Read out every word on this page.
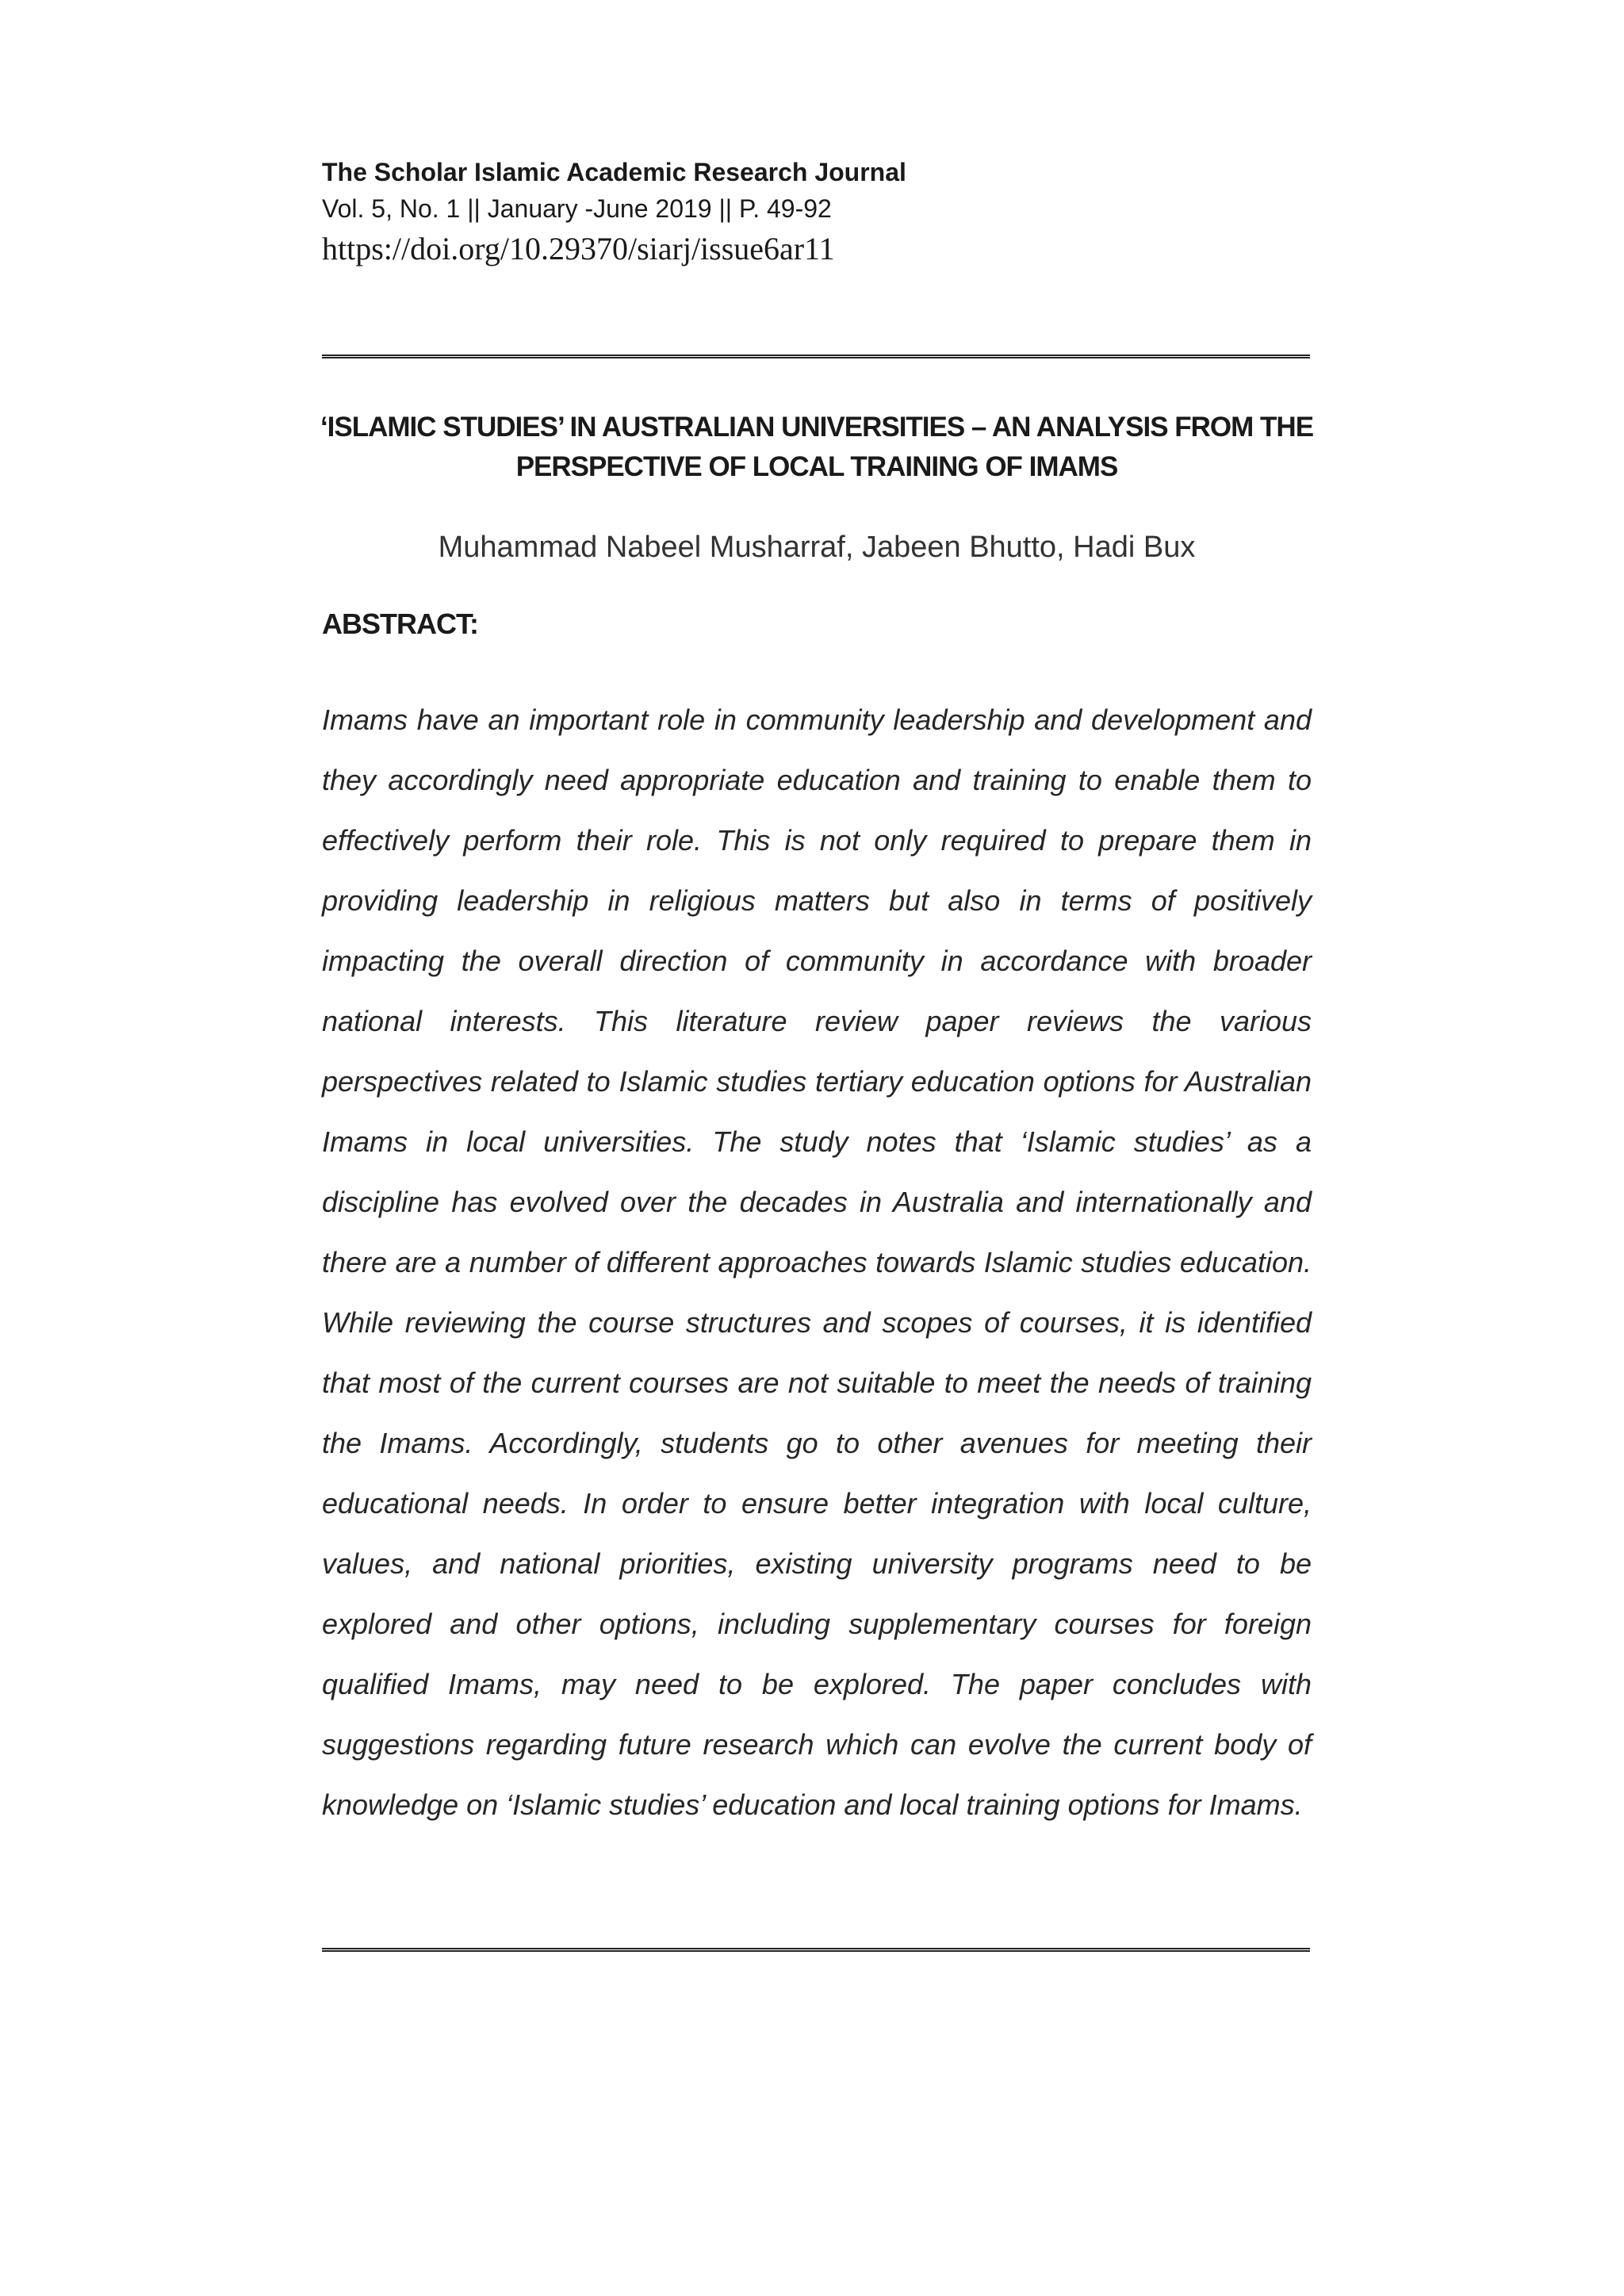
The Scholar Islamic Academic Research Journal

Vol. 5, No. 1 || January -June 2019 || P. 49-92

https://doi.org/10.29370/siarj/issue6ar11

‘ISLAMIC STUDIES’ IN AUSTRALIAN UNIVERSITIES – AN ANALYSIS FROM THE
PERSPECTIVE OF LOCAL TRAINING OF IMAMS

Muhammad Nabeel Musharraf, Jabeen Bhutto, Hadi Bux

ABSTRACT:

Imams have an important role in community leadership and development and they accordingly need appropriate education and training to enable them to effectively perform their role. This is not only required to prepare them in providing leadership in religious matters but also in terms of positively impacting the overall direction of community in accordance with broader national interests. This literature review paper reviews the various perspectives related to Islamic studies tertiary education options for Australian Imams in local universities. The study notes that ‘Islamic studies’ as a discipline has evolved over the decades in Australia and internationally and there are a number of different approaches towards Islamic studies education. While reviewing the course structures and scopes of courses, it is identified that most of the current courses are not suitable to meet the needs of training the Imams. Accordingly, students go to other avenues for meeting their educational needs. In order to ensure better integration with local culture, values, and national priorities, existing university programs need to be explored and other options, including supplementary courses for foreign qualified Imams, may need to be explored. The paper concludes with suggestions regarding future research which can evolve the current body of knowledge on ‘Islamic studies’ education and local training options for Imams.
